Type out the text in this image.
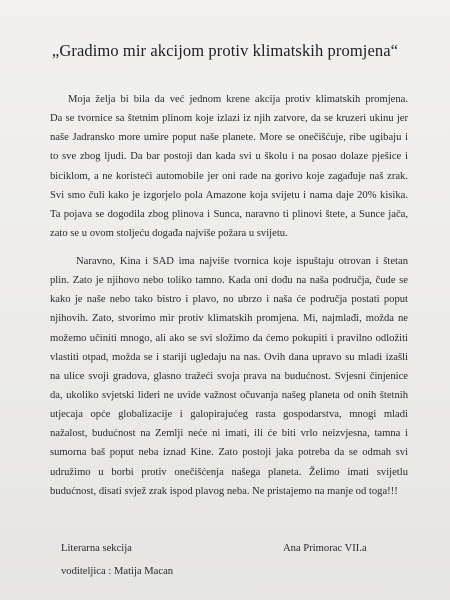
„Gradimo mir akcijom protiv klimatskih promjena“
Moja želja bi bila da već jednom krene akcija protiv klimatskih promjena.
Da se tvornice sa štetnim plinom koje izlazi iz njih zatvore, da se kruzeri ukinu jer
naše Jadransko more umire poput naše planete. More se onečišćuje, ribe ugibaju i
to sve zbog ljudi. Da bar postoji dan kada svi u školu i na posao dolaze pješice i
biciklom, a ne koristeći automobile jer oni rade na gorivo koje zagađuje naš zrak.
Svi smo čuli kako je izgorjelo pola Amazone koja svijetu i nama daje 20% kisika.
Ta pojava se dogodila zbog plinova i Sunca, naravno ti plinovi štete, a Sunce jača,
zato se u ovom stoljeću događa najviše požara u svijetu.
Naravno, Kina i SAD ima najviše tvornica koje ispuštaju otrovan i štetan
plin. Zato je njihovo nebo toliko tamno. Kada oni dođu na naša područja, čude se
kako je naše nebo tako bistro i plavo, no ubrzo i naša će područja postati poput
njihovih. Zato, stvorimo mir protiv klimatskih promjena. Mi, najmlađi, možda ne
možemo učiniti mnogo, ali ako se svi složimo da ćemo pokupiti i pravilno odložiti
vlastiti otpad, možda se i stariji ugledaju na nas. Ovih dana upravo su mladi izašli
na ulice svoji gradova, glasno tražeći svoja prava na budućnost. Svjesni činjenice
da, ukoliko svjetski lideri ne uvide važnost očuvanja našeg planeta od onih štetnih
utjecaja opće globalizacije i galopirajućeg rasta gospodarstva, mnogi mladi
nažalost, budućnost na Zemlji neće ni imati, ili će biti vrlo neizvjesna, tamna i
sumorna baš poput neba iznad Kine. Zato postoji jaka potreba da se odmah svi
udružimo u borbi protiv onečišćenja našega planeta. Želimo imati svijetlu
budućnost, disati svjež zrak ispod plavog neba. Ne pristajemo na manje od toga!!!
Literarna sekcija
voditeljica : Matija Macan
Ana Primorac VII.a
